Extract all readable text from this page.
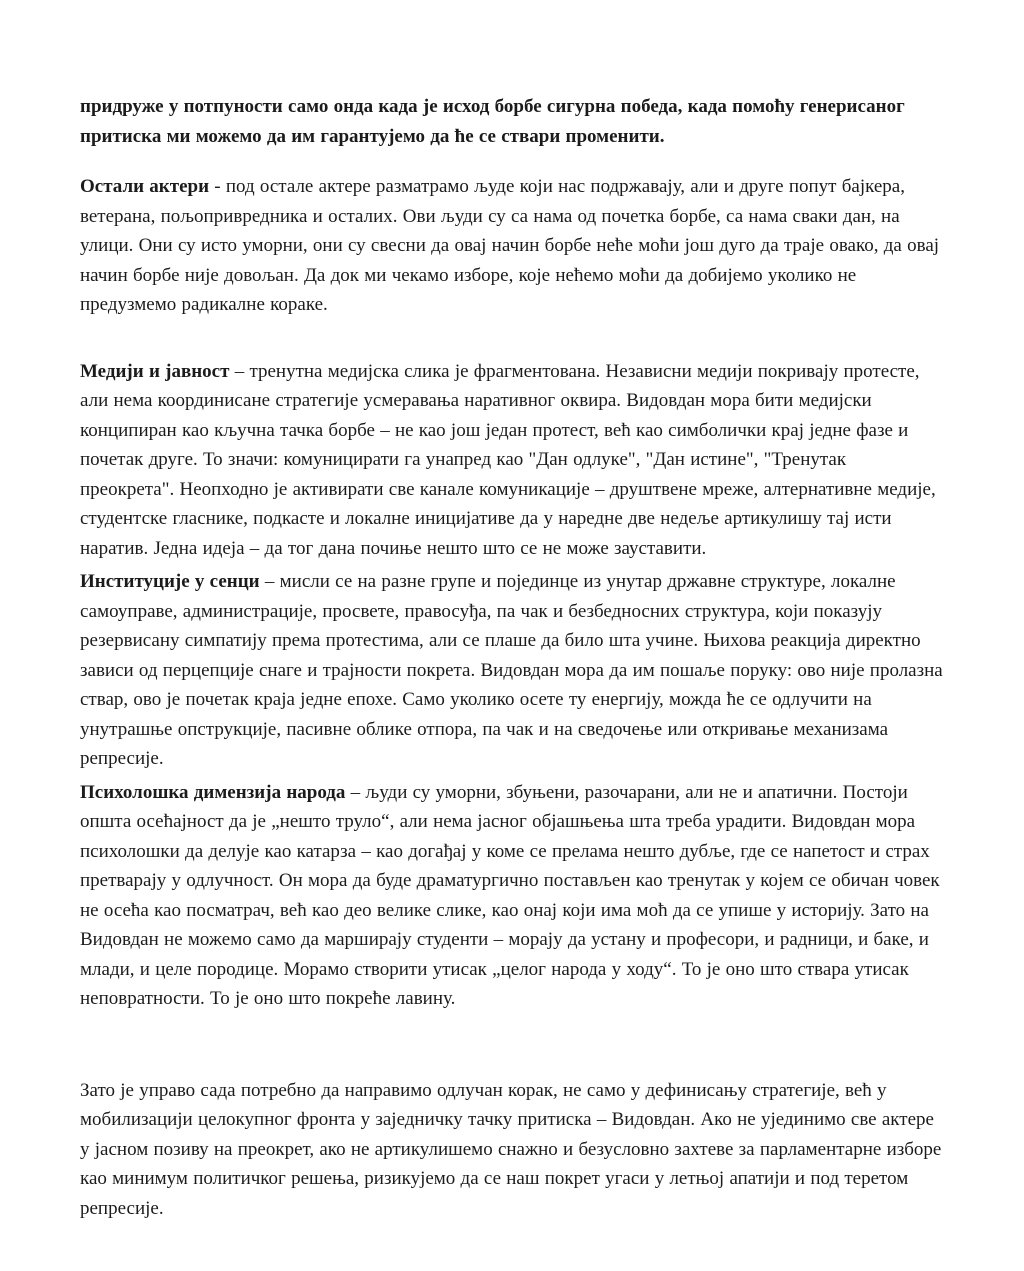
придруже у потпуности само онда када је исход борбе сигурна победа, када помоћу генерисаног притиска ми можемо да им гарантујемо да ће се ствари променити.

Остали актери - под остале актере разматрамо људе који нас подржавају, али и друге попут бајкера, ветерана, пољопривредника и осталих. Ови људи су са нама од почетка борбе, са нама сваки дан, на улици. Они су исто уморни, они су свесни да овај начин борбе неће моћи још дуго да траје овако, да овај начин борбе није довољан. Да док ми чекамо изборе, које нећемо моћи да добијемо уколико не предузмемо радикалне кораке.

Медији и јавност – тренутна медијска слика је фрагментована. Независни медији покривају протесте, али нема координисане стратегије усмеравања наративног оквира. Видовдан мора бити медијски конципиран као кључна тачка борбе – не као још један протест, већ као симболички крај једне фазе и почетак друге. То значи: комуницирати га унапред као "Дан одлуке", "Дан истине", "Тренутак преокрета". Неопходно је активирати све канале комуникације – друштвене мреже, алтернативне медије, студентске гласнике, подкасте и локалне иницијативе да у наредне две недеље артикулишу тај исти наратив. Једна идеја – да тог дана почиње нешто што се не може зауставити.

Институције у сенци – мисли се на разне групе и појединце из унутар државне структуре, локалне самоуправе, администрације, просвете, правосуђа, па чак и безбедносних структура, који показују резервисану симпатију према протестима, али се плаше да било шта учине. Њихова реакција директно зависи од перцепције снаге и трајности покрета. Видовдан мора да им пошаље поруку: ово није пролазна ствар, ово је почетак краја једне епохе. Само уколико осете ту енергију, можда ће се одлучити на унутрашње опструкције, пасивне облике отпора, па чак и на сведочење или откривање механизама репресије.

Психолошка димензија народа – људи су уморни, збуњени, разочарани, али не и апатични. Постоји општа осећајност да је „нешто труло“, али нема јасног објашњења шта треба урадити. Видовдан мора психолошки да делује као катарза – као догађај у коме се прелама нешто дубље, где се напетост и страх претварају у одлучност. Он мора да буде драматургично постављен као тренутак у којем се обичан човек не осећа као посматрач, већ као део велике слике, као онај који има моћ да се упише у историју. Зато на Видовдан не можемо само да марширају студенти – морају да устану и професори, и радници, и баке, и млади, и целе породице. Морамо створити утисак „целог народа у ходу“. То је оно што ствара утисак неповратности. То је оно што покреће лавину.

Зато је управо сада потребно да направимо одлучан корак, не само у дефинисању стратегије, већ у мобилизацији целокупног фронта у заједничку тачку притиска – Видовдан. Ако не ујединимо све актере у јасном позиву на преокрет, ако не артикулишемо снажно и безусловно захтеве за парламентарне изборе као минимум политичког решења, ризикујемо да се наш покрет угаси у летњој апатији и под теретом репресије.
